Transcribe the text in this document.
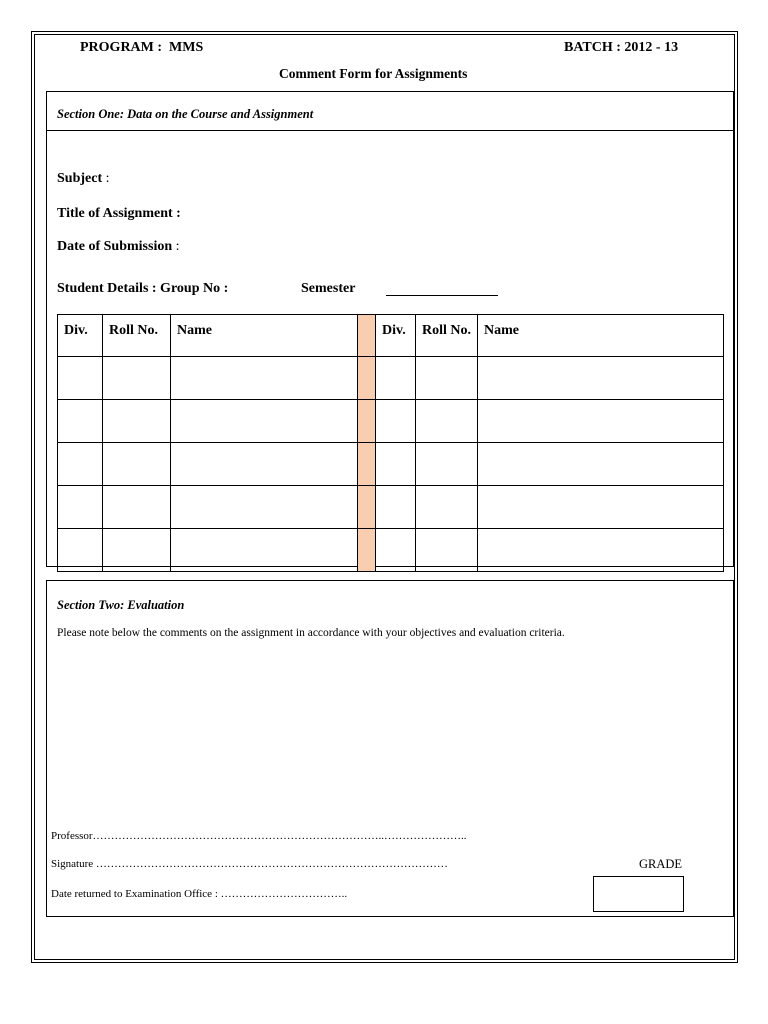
PROGRAM :  MMS	BATCH : 2012 - 13
Comment Form for Assignments
Section One: Data on the Course and Assignment
Subject :
Title of Assignment :
Date of Submission :
Student Details : Group No :	Semester
Div.	Roll No.	Name		Div.	Roll No.	Name

Section Two: Evaluation
Please note below the comments on the assignment in accordance with your objectives and evaluation criteria.
Professor……………………………………………………………………..…………………..
Signature ……………………………………………………………………………………
Date returned to Examination Office : ……………………………..
GRADE
